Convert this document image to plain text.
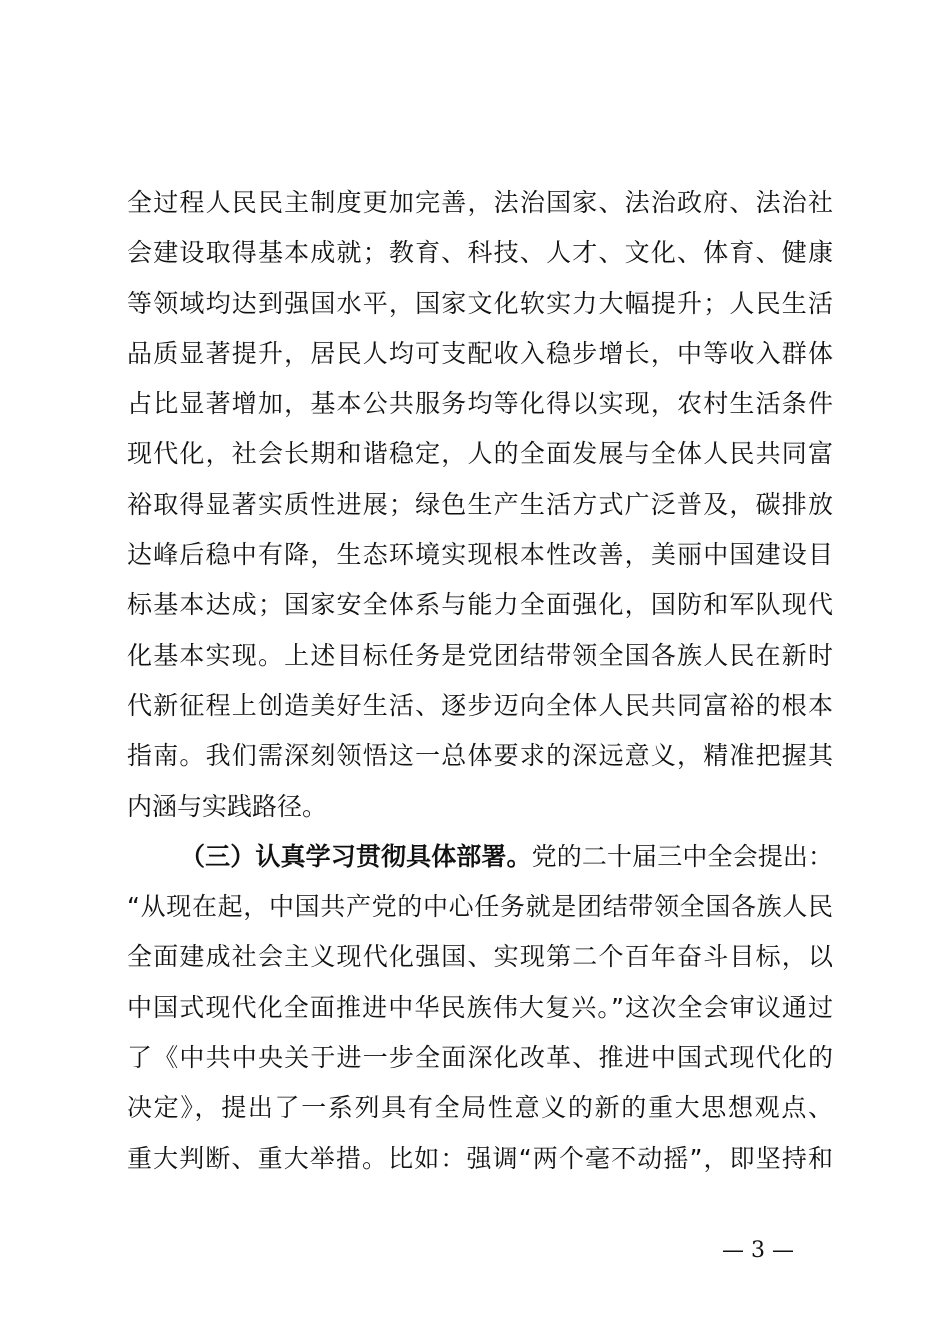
全过程人民民主制度更加完善，法治国家、法治政府、法治社
会建设取得基本成就；教育、科技、人才、文化、体育、健康
等领域均达到强国水平，国家文化软实力大幅提升；人民生活
品质显著提升，居民人均可支配收入稳步增长，中等收入群体
占比显著增加，基本公共服务均等化得以实现，农村生活条件
现代化，社会长期和谐稳定，人的全面发展与全体人民共同富
裕取得显著实质性进展；绿色生产生活方式广泛普及，碳排放
达峰后稳中有降，生态环境实现根本性改善，美丽中国建设目
标基本达成；国家安全体系与能力全面强化，国防和军队现代
化基本实现。上述目标任务是党团结带领全国各族人民在新时
代新征程上创造美好生活、逐步迈向全体人民共同富裕的根本
指南。我们需深刻领悟这一总体要求的深远意义，精准把握其
内涵与实践路径。
（三）认真学习贯彻具体部署。党的二十届三中全会提出：
“从现在起，中国共产党的中心任务就是团结带领全国各族人民
全面建成社会主义现代化强国、实现第二个百年奋斗目标，以
中国式现代化全面推进中华民族伟大复兴。”这次全会审议通过
了《中共中央关于进一步全面深化改革、推进中国式现代化的
决定》，提出了一系列具有全局性意义的新的重大思想观点、
重大判断、重大举措。比如：强调“两个毫不动摇”，即坚持和
— 3 —
